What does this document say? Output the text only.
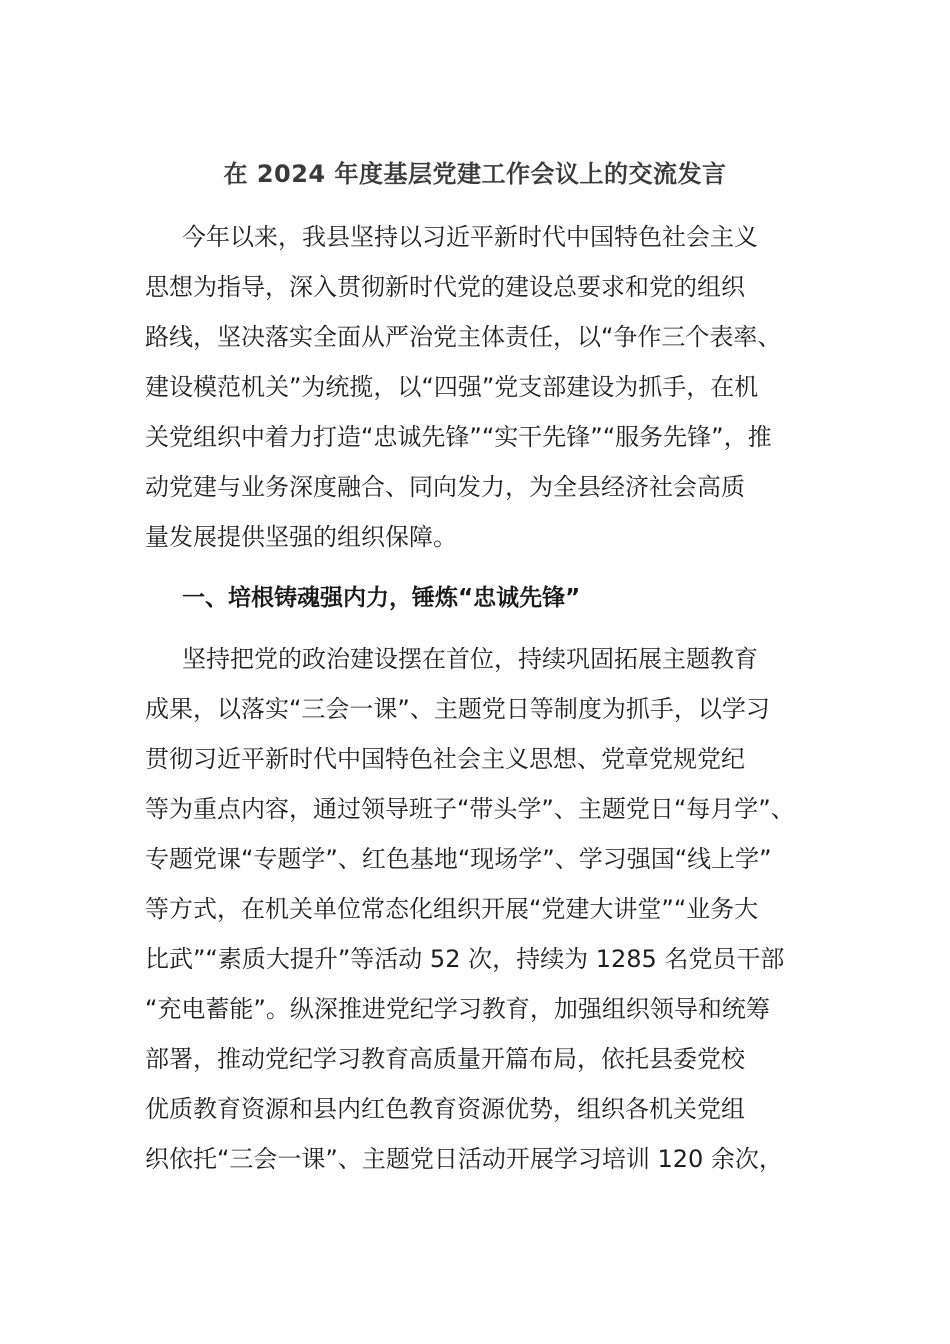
在 2024 年度基层党建工作会议上的交流发言
今年以来，我县坚持以习近平新时代中国特色社会主义
思想为指导，深入贯彻新时代党的建设总要求和党的组织
路线，坚决落实全面从严治党主体责任，以“争作三个表率、
建设模范机关”为统揽，以“四强”党支部建设为抓手，在机
关党组织中着力打造“忠诚先锋”“实干先锋”“服务先锋”，推
动党建与业务深度融合、同向发力，为全县经济社会高质
量发展提供坚强的组织保障。
一、培根铸魂强内力，锤炼“忠诚先锋”
坚持把党的政治建设摆在首位，持续巩固拓展主题教育
成果，以落实“三会一课”、主题党日等制度为抓手，以学习
贯彻习近平新时代中国特色社会主义思想、党章党规党纪
等为重点内容，通过领导班子“带头学”、主题党日“每月学”、
专题党课“专题学”、红色基地“现场学”、学习强国“线上学”
等方式，在机关单位常态化组织开展“党建大讲堂”“业务大
比武”“素质大提升”等活动 52 次，持续为 1285 名党员干部
“充电蓄能”。纵深推进党纪学习教育，加强组织领导和统筹
部署，推动党纪学习教育高质量开篇布局，依托县委党校
优质教育资源和县内红色教育资源优势，组织各机关党组
织依托“三会一课”、主题党日活动开展学习培训 120 余次，
